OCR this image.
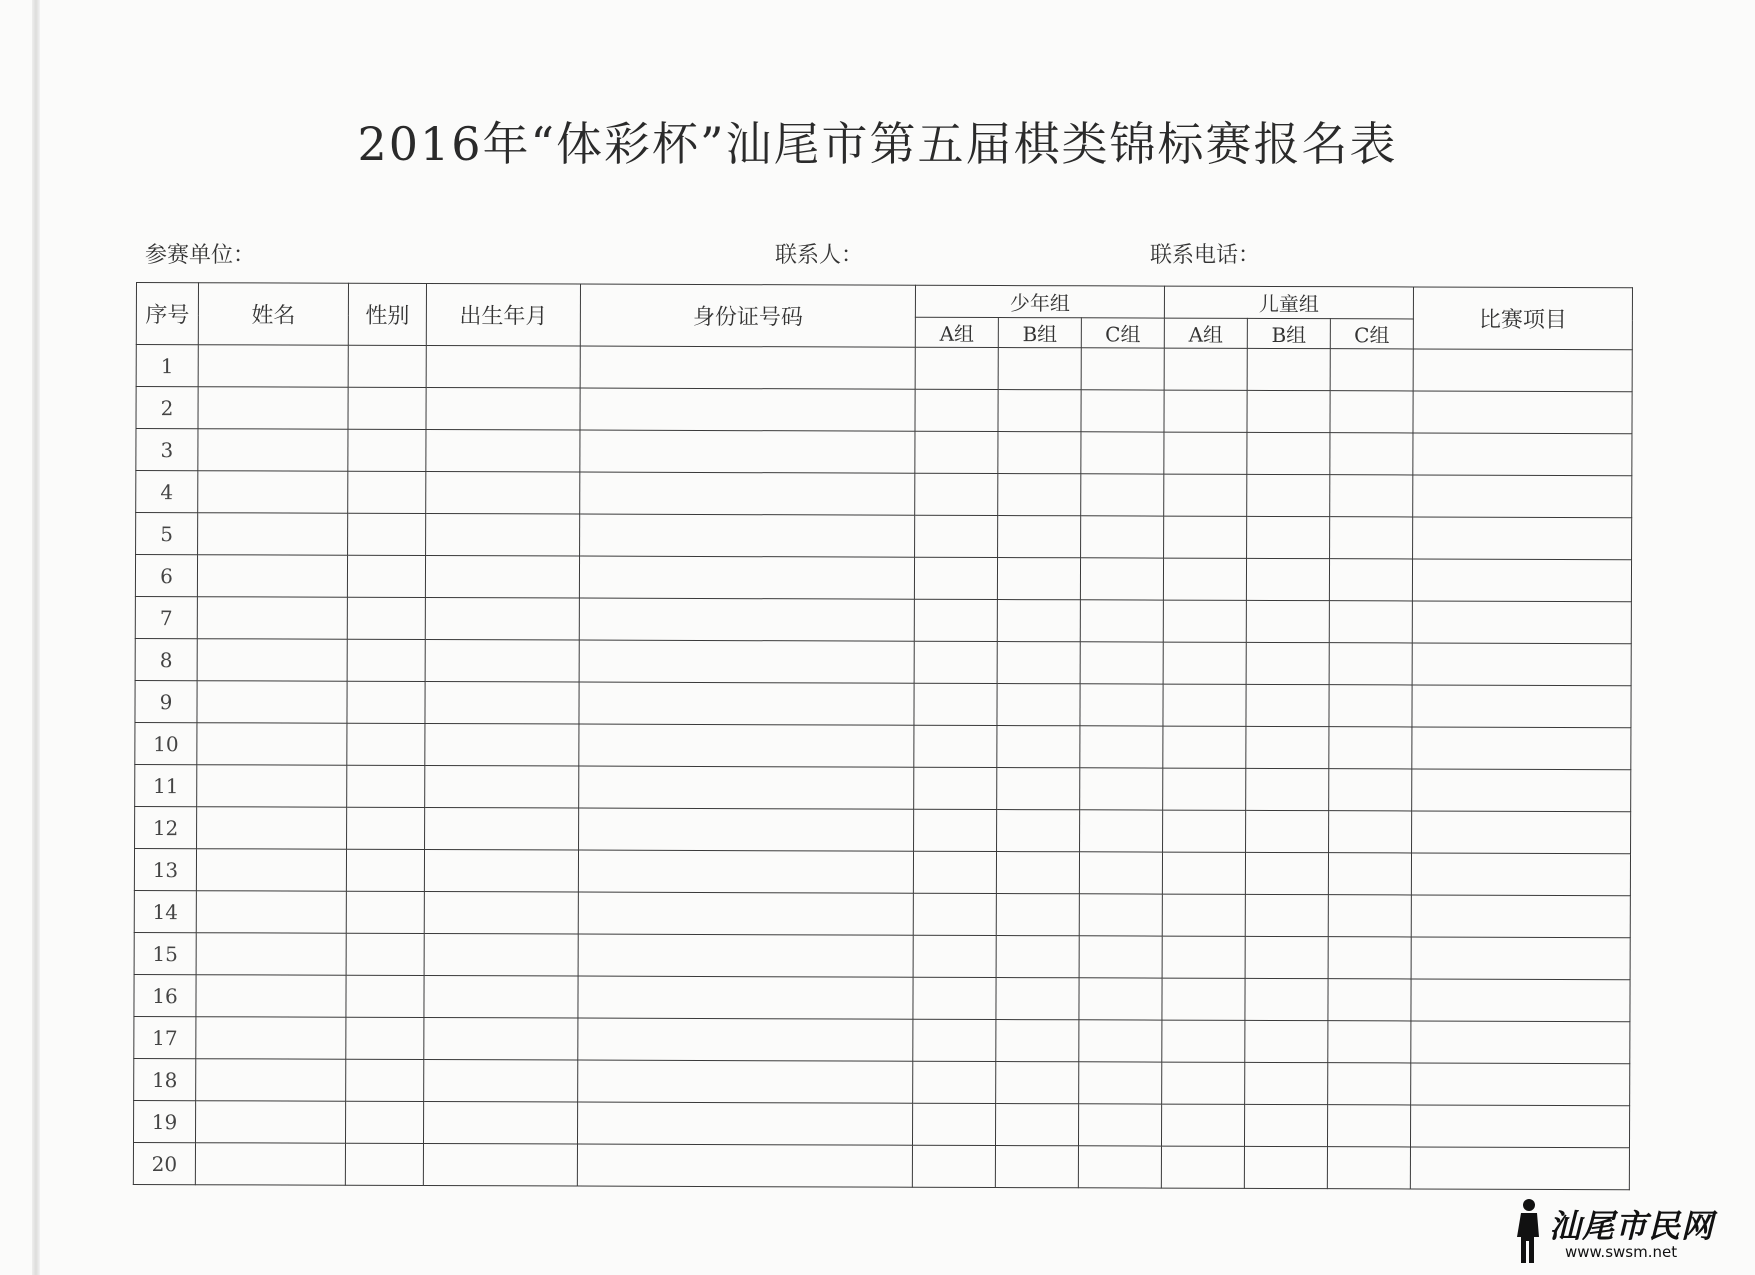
2016年“体彩杯”汕尾市第五届棋类锦标赛报名表
参赛单位：	联系人：	联系电话：
序号	姓名	性别	出生年月	身份证号码	少年组			儿童组			比赛项目
					A组	B组	C组	A组	B组	C组	
1											
2											
3											
4											
5											
6											
7											
8											
9											
10											
11											
12											
13											
14											
15											
16											
17											
18											
19											
20											
汕尾市民网
www.swsm.net
